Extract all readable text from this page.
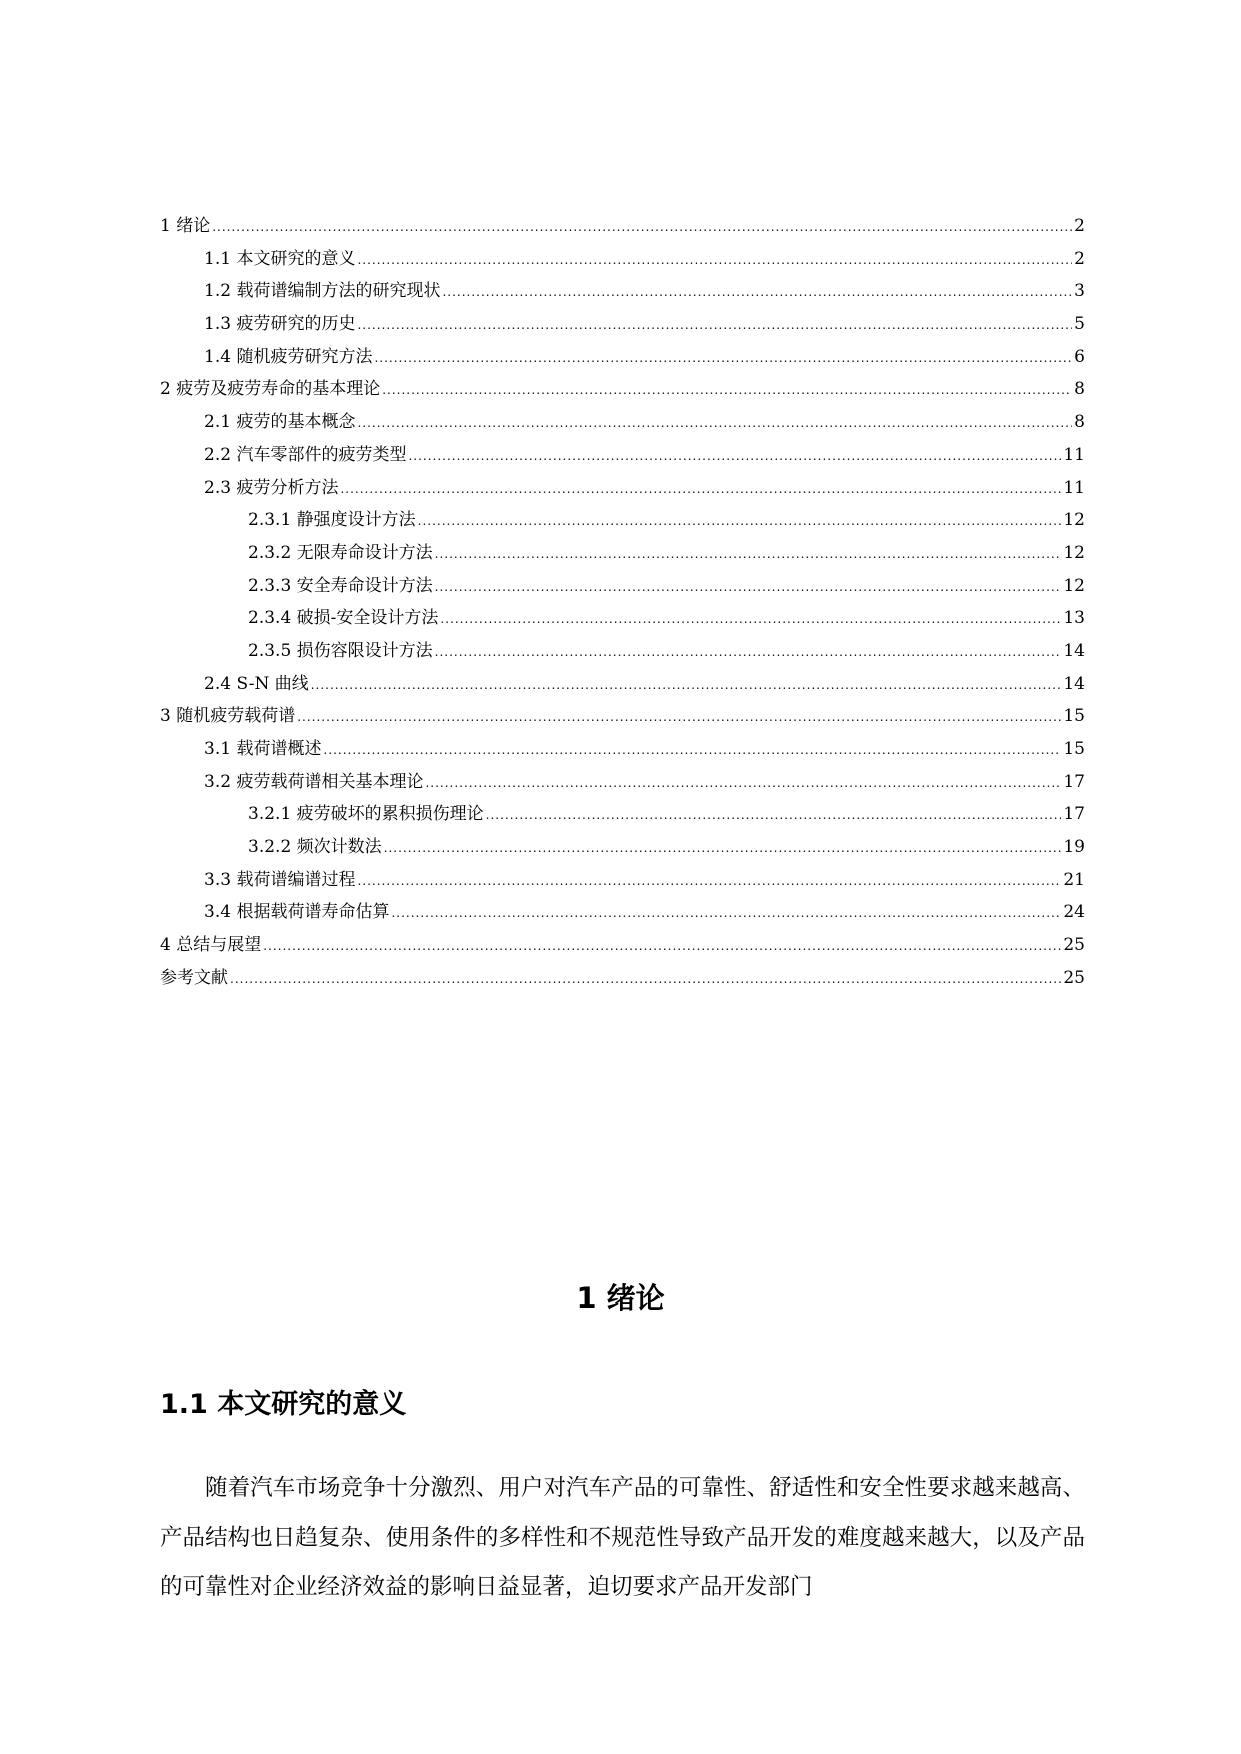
1 绪论 .....	2
1.1 本文研究的意义 .....	2
1.2 载荷谱编制方法的研究现状 .....	3
1.3 疲劳研究的历史 .....	5
1.4 随机疲劳研究方法 .....	6
2 疲劳及疲劳寿命的基本理论 .....	8
2.1 疲劳的基本概念 .....	8
2.2 汽车零部件的疲劳类型 .....	11
2.3 疲劳分析方法 .....	11
2.3.1 静强度设计方法 .....	12
2.3.2 无限寿命设计方法 .....	12
2.3.3 安全寿命设计方法 .....	12
2.3.4 破损-安全设计方法 .....	13
2.3.5 损伤容限设计方法 .....	14
2.4 S-N 曲线 .....	14
3 随机疲劳载荷谱 .....	15
3.1 载荷谱概述 .....	15
3.2 疲劳载荷谱相关基本理论 .....	17
3.2.1 疲劳破坏的累积损伤理论 .....	17
3.2.2 频次计数法 .....	19
3.3 载荷谱编谱过程 .....	21
3.4 根据载荷谱寿命估算 .....	24
4 总结与展望 .....	25
参考文献 .....	25
1 绪论
1.1 本文研究的意义

随着汽车市场竞争十分激烈、用户对汽车产品的可靠性、舒适性和安全性要求越来越高、产品结构也日趋复杂、使用条件的多样性和不规范性导致产品开发的难度越来越大，以及产品的可靠性对企业经济效益的影响日益显著，迫切要求产品开发部门
